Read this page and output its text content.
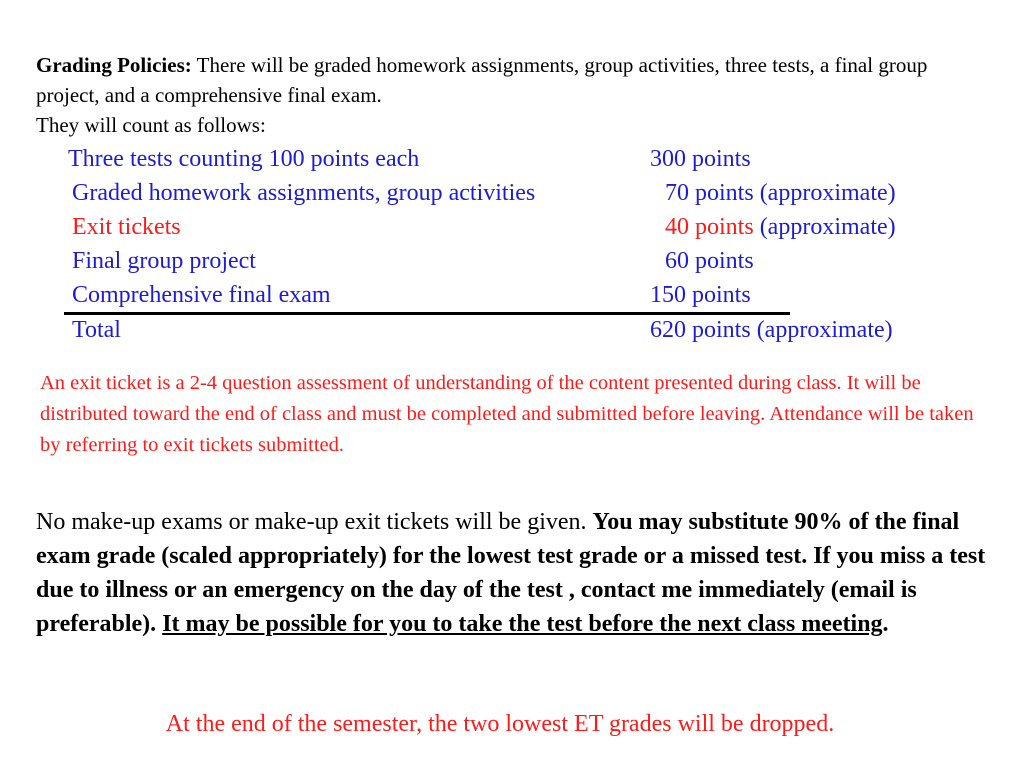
Grading Policies: There will be graded homework assignments, group activities, three tests, a final group project, and a comprehensive final exam.
They will count as follows:
Three tests counting 100 points each	300 points
Graded homework assignments, group activities	70 points (approximate)
Exit tickets	40 points (approximate)
Final group project	60 points
Comprehensive final exam	150 points
Total	620 points (approximate)
An exit ticket is a 2-4 question assessment of understanding of the content presented during class. It will be distributed toward the end of class and must be completed and submitted before leaving. Attendance will be taken by referring to exit tickets submitted.
No make-up exams or make-up exit tickets will be given. You may substitute 90% of the final exam grade (scaled appropriately) for the lowest test grade or a missed test. If you miss a test due to illness or an emergency on the day of the test , contact me immediately (email is preferable). It may be possible for you to take the test before the next class meeting.
At the end of the semester, the two lowest ET grades will be dropped.
